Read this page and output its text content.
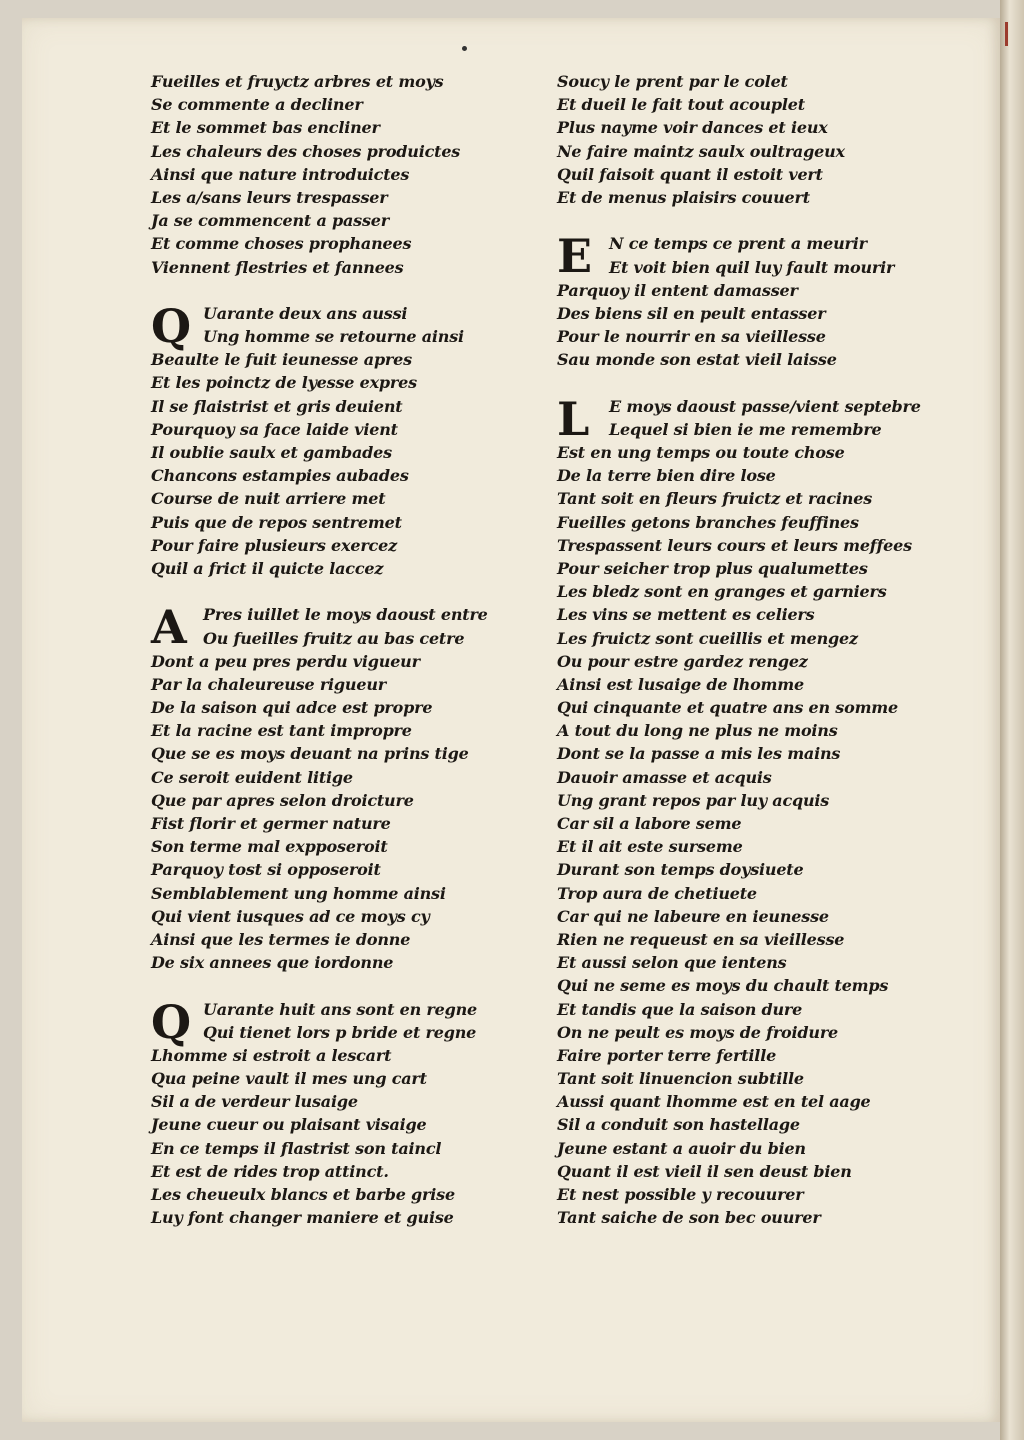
Fueilles et fruyctz arbres et moys
Se commente a decliner
Et le sommet bas encliner
Les chaleurs des choses produictes
Ainsi que nature introduictes
Les a/sans leurs trespasser
Ja se commencent a passer
Et comme choses prophanees
Viennent flestries et fannees
Q Uarante deux ans aussi
Ung homme se retourne ainsi
Beaulte le fuit ieunesse apres
Et les poinctz de lyesse expres
Il se flaistrist et gris deuient
Pourquoy sa face laide vient
Il oublie saulx et gambades
Chancons estampies aubades
Course de nuit arriere met
Puis que de repos sentremet
Pour faire plusieurs exercez
Quil a frict il quicte laccez
A	Pres iuillet le moys daoust entre
Ou fueilles fruitz au bas cetre
Dont a peu pres perdu vigueur
Par la chaleureuse rigueur
De la saison qui adce est propre
Et la racine est tant impropre
Que se es moys deuant na prins tige
Ce seroit euident litige
Que par apres selon droicture
Fist florir et germer nature
Son terme mal expposeroit
Parquoy tost si opposeroit
Semblablement ung homme ainsi
Qui vient iusques ad ce moys cy
Ainsi que les termes ie donne
De six annees que iordonne
Q Uarante huit ans sont en regne
Qui tienet lors p bride et regne
Lhomme si estroit a lescart
Qua peine vault il mes ung cart
Sil a de verdeur lusaige
Jeune cueur ou plaisant visaige
En ce temps il flastrist son taincl
Et est de rides trop attinct.
Les cheueulx blancs et barbe grise
Luy font changer maniere et guise
Soucy le prent par le colet
Et dueil le fait tout acouplet
Plus nayme voir dances et ieux
Ne faire maintz saulx oultrageux
Quil faisoit quant il estoit vert
Et de menus plaisirs couuert
E	N ce temps ce prent a meurir
Et voit bien quil luy fault mourir
Parquoy il entent damasser
Des biens sil en peult entasser
Pour le nourrir en sa vieillesse
Sau monde son estat vieil laisse
L	E moys daoust passe/vient septebre
Lequel si bien ie me remembre
Est en ung temps ou toute chose
De la terre bien dire lose
Tant soit en fleurs fruictz et racines
Fueilles getons branches feuffines
Trespassent leurs cours et leurs meffees
Pour seicher trop plus qualumettes
Les bledz sont en granges et garniers
Les vins se mettent es celiers
Les fruictz sont cueillis et mengez
Ou pour estre gardez rengez
Ainsi est lusaige de lhomme
Qui cinquante et quatre ans en somme
A tout du long ne plus ne moins
Dont se la passe a mis les mains
Dauoir amasse et acquis
Ung grant repos par luy acquis
Car sil a labore seme
Et il ait este surseme
Durant son temps doysiuete
Trop aura de chetiuete
Car qui ne labeure en ieunesse
Rien ne requeust en sa vieillesse
Et aussi selon que ientens
Qui ne seme es moys du chault temps
Et tandis que la saison dure
On ne peult es moys de froidure
Faire porter terre fertille
Tant soit linuencion subtille
Aussi quant lhomme est en tel aage
Sil a conduit son hastellage
Jeune estant a auoir du bien
Quant il est vieil il sen deust bien
Et nest possible y recouurer
Tant saiche de son bec ouurer
